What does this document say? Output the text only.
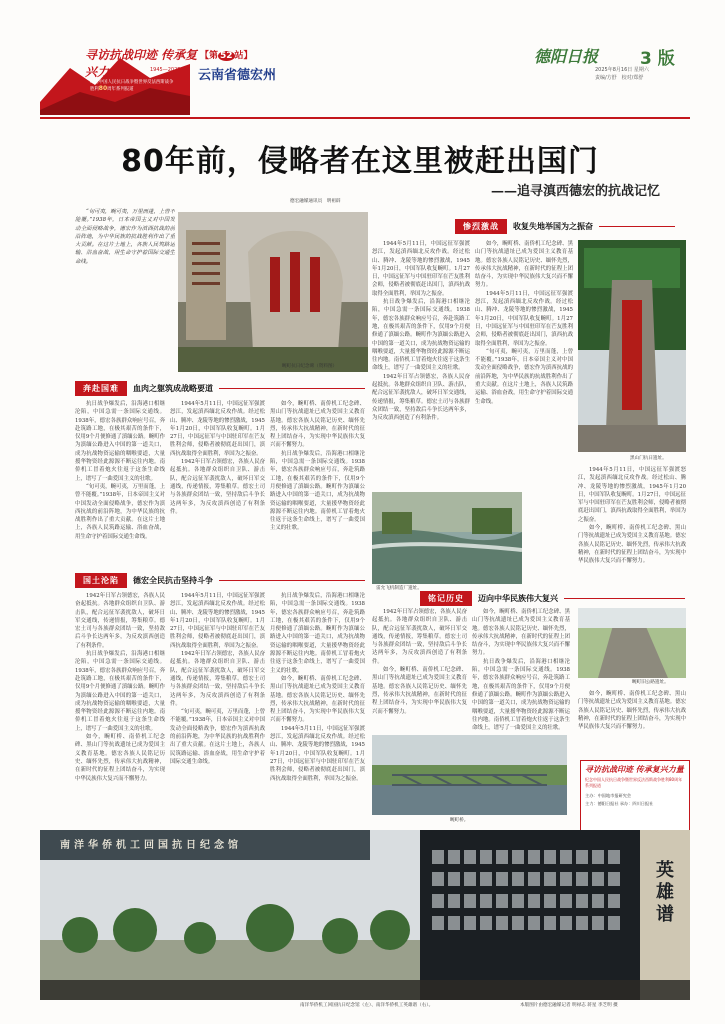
寻访抗战印迹 传承复兴力量	1945—2025
纪念中国人民抗日战争暨世界反法西斯战争
胜利80周年系列报道
【第 52 站】
云南省德宏州
德阳日报 3 版
2025年8月16日 星期六
责编/方舒　校对/郑舒
80年前，侵略者在这里被赶出国门
——追寻滇西德宏的抗战记忆
德宏融媒通讯员　明祖辟

“旬可夷，畹可夷，万里而蓬，上曾不能覆。”1938年，日本帝国主义对中国发动全面侵略战争，德宏作为滇西抗战的前沿阵地，为中华民族的抗战胜利作出了重大贡献。在这片土地上，各族人民筑路运输、浴血奋战，用生命守护着国际交通生命线。

畹町抗日纪念碑（资料图）
奔赴国难	血肉之躯筑成战略要道

抗日战争爆发后，沿海港口相继沦陷，中国急需一条国际交通线。1938年，德宏各族群众响应号召，奔赴筑路工地，在极其艰苦的条件下，仅用9个月便修通了滇缅公路。畹町作为滇缅公路进入中国的第一道关口，成为抗战物资运输的咽喉要道，大量援华物资经此源源不断运往内地。南侨机工冒着炮火往返于这条生命线上，谱写了一曲爱国主义的壮歌。

“旬可夷，畹可夷，万里而蓬，上曾不能覆。”1938年，日本帝国主义对中国发动全面侵略战争，德宏作为滇西抗战的前沿阵地，为中华民族的抗战胜利作出了重大贡献。在这片土地上，各族人民筑路运输、浴血奋战，用生命守护着国际交通生命线。

1944年5月11日，中国远征军强渡怒江，发起滇西缅北反攻作战。经过松山、腾冲、龙陵等地的惨烈激战，1945年1月20日，中国军队收复畹町。1月27日，中国远征军与中国驻印军在芒友胜利会师，侵略者被彻底赶出国门，滇西抗战取得全面胜利，举国为之振奋。

1942年日军占领德宏，各族人民奋起抵抗。各地群众组织自卫队、游击队，配合远征军袭扰敌人，破坏日军交通线，传递情报，筹集粮草。德宏土司与各族群众团结一致，坚持敌后斗争长达两年多，为反攻滇西创造了有利条件。

如今，畹町桥、南侨机工纪念碑、黑山门等抗战遗址已成为爱国主义教育基地。德宏各族人民铭记历史、缅怀先烈，传承伟大抗战精神，在新时代的征程上团结奋斗，为实现中华民族伟大复兴而不懈努力。

抗日战争爆发后，沿海港口相继沦陷，中国急需一条国际交通线。1938年，德宏各族群众响应号召，奔赴筑路工地，在极其艰苦的条件下，仅用9个月便修通了滇缅公路。畹町作为滇缅公路进入中国的第一道关口，成为抗战物资运输的咽喉要道，大量援华物资经此源源不断运往内地。南侨机工冒着炮火往返于这条生命线上，谱写了一曲爱国主义的壮歌。

国土沦陷	德宏全民抗击坚持斗争

1942年日军占领德宏，各族人民奋起抵抗。各地群众组织自卫队、游击队，配合远征军袭扰敌人，破坏日军交通线，传递情报，筹集粮草。德宏土司与各族群众团结一致，坚持敌后斗争长达两年多，为反攻滇西创造了有利条件。

抗日战争爆发后，沿海港口相继沦陷，中国急需一条国际交通线。1938年，德宏各族群众响应号召，奔赴筑路工地，在极其艰苦的条件下，仅用9个月便修通了滇缅公路。畹町作为滇缅公路进入中国的第一道关口，成为抗战物资运输的咽喉要道，大量援华物资经此源源不断运往内地。南侨机工冒着炮火往返于这条生命线上，谱写了一曲爱国主义的壮歌。

如今，畹町桥、南侨机工纪念碑、黑山门等抗战遗址已成为爱国主义教育基地。德宏各族人民铭记历史、缅怀先烈，传承伟大抗战精神，在新时代的征程上团结奋斗，为实现中华民族伟大复兴而不懈努力。

1944年5月11日，中国远征军强渡怒江，发起滇西缅北反攻作战。经过松山、腾冲、龙陵等地的惨烈激战，1945年1月20日，中国军队收复畹町。1月27日，中国远征军与中国驻印军在芒友胜利会师，侵略者被彻底赶出国门，滇西抗战取得全面胜利，举国为之振奋。

1942年日军占领德宏，各族人民奋起抵抗。各地群众组织自卫队、游击队，配合远征军袭扰敌人，破坏日军交通线，传递情报，筹集粮草。德宏土司与各族群众团结一致，坚持敌后斗争长达两年多，为反攻滇西创造了有利条件。

“旬可夷，畹可夷，万里而蓬，上曾不能覆。”1938年，日本帝国主义对中国发动全面侵略战争，德宏作为滇西抗战的前沿阵地，为中华民族的抗战胜利作出了重大贡献。在这片土地上，各族人民筑路运输、浴血奋战，用生命守护着国际交通生命线。

抗日战争爆发后，沿海港口相继沦陷，中国急需一条国际交通线。1938年，德宏各族群众响应号召，奔赴筑路工地，在极其艰苦的条件下，仅用9个月便修通了滇缅公路。畹町作为滇缅公路进入中国的第一道关口，成为抗战物资运输的咽喉要道，大量援华物资经此源源不断运往内地。南侨机工冒着炮火往返于这条生命线上，谱写了一曲爱国主义的壮歌。

如今，畹町桥、南侨机工纪念碑、黑山门等抗战遗址已成为爱国主义教育基地。德宏各族人民铭记历史、缅怀先烈，传承伟大抗战精神，在新时代的征程上团结奋斗，为实现中华民族伟大复兴而不懈努力。

1944年5月11日，中国远征军强渡怒江，发起滇西缅北反攻作战。经过松山、腾冲、龙陵等地的惨烈激战，1945年1月20日，中国军队收复畹町。1月27日，中国远征军与中国驻印军在芒友胜利会师，侵略者被彻底赶出国门，滇西抗战取得全面胜利，举国为之振奋。

1944年5月11日，中国远征军强渡怒江，发起滇西缅北反攻作战。经过松山、腾冲、龙陵等地的惨烈激战，1945年1月20日，中国军队收复畹町。1月27日，中国远征军与中国驻印军在芒友胜利会师，侵略者被彻底赶出国门，滇西抗战取得全面胜利，举国为之振奋。

抗日战争爆发后，沿海港口相继沦陷，中国急需一条国际交通线。1938年，德宏各族群众响应号召，奔赴筑路工地，在极其艰苦的条件下，仅用9个月便修通了滇缅公路。畹町作为滇缅公路进入中国的第一道关口，成为抗战物资运输的咽喉要道，大量援华物资经此源源不断运往内地。南侨机工冒着炮火往返于这条生命线上，谱写了一曲爱国主义的壮歌。

1942年日军占领德宏，各族人民奋起抵抗。各地群众组织自卫队、游击队，配合远征军袭扰敌人，破坏日军交通线，传递情报，筹集粮草。德宏土司与各族群众团结一致，坚持敌后斗争长达两年多，为反攻滇西创造了有利条件。

如今，畹町桥、南侨机工纪念碑、黑山门等抗战遗址已成为爱国主义教育基地。德宏各族人民铭记历史、缅怀先烈，传承伟大抗战精神，在新时代的征程上团结奋斗，为实现中华民族伟大复兴而不懈努力。

1944年5月11日，中国远征军强渡怒江，发起滇西缅北反攻作战。经过松山、腾冲、龙陵等地的惨烈激战，1945年1月20日，中国军队收复畹町。1月27日，中国远征军与中国驻印军在芒友胜利会师，侵略者被彻底赶出国门，滇西抗战取得全面胜利，举国为之振奋。

“旬可夷，畹可夷，万里而蓬，上曾不能覆。”1938年，日本帝国主义对中国发动全面侵略战争，德宏作为滇西抗战的前沿阵地，为中华民族的抗战胜利作出了重大贡献。在这片土地上，各族人民筑路运输、浴血奋战，用生命守护着国际交通生命线。

惨烈激战	收复失地举国为之振奋
黑山门抗日遗址。

1944年5月11日，中国远征军强渡怒江，发起滇西缅北反攻作战。经过松山、腾冲、龙陵等地的惨烈激战，1945年1月20日，中国军队收复畹町。1月27日，中国远征军与中国驻印军在芒友胜利会师，侵略者被彻底赶出国门，滇西抗战取得全面胜利，举国为之振奋。

如今，畹町桥、南侨机工纪念碑、黑山门等抗战遗址已成为爱国主义教育基地。德宏各族人民铭记历史、缅怀先烈，传承伟大抗战精神，在新时代的征程上团结奋斗，为实现中华民族伟大复兴而不懈努力。

雷允飞机制造厂遗址。
铭记历史	迈向中华民族伟大复兴

1942年日军占领德宏，各族人民奋起抵抗。各地群众组织自卫队、游击队，配合远征军袭扰敌人，破坏日军交通线，传递情报，筹集粮草。德宏土司与各族群众团结一致，坚持敌后斗争长达两年多，为反攻滇西创造了有利条件。

如今，畹町桥、南侨机工纪念碑、黑山门等抗战遗址已成为爱国主义教育基地。德宏各族人民铭记历史、缅怀先烈，传承伟大抗战精神，在新时代的征程上团结奋斗，为实现中华民族伟大复兴而不懈努力。

如今，畹町桥、南侨机工纪念碑、黑山门等抗战遗址已成为爱国主义教育基地。德宏各族人民铭记历史、缅怀先烈，传承伟大抗战精神，在新时代的征程上团结奋斗，为实现中华民族伟大复兴而不懈努力。

抗日战争爆发后，沿海港口相继沦陷，中国急需一条国际交通线。1938年，德宏各族群众响应号召，奔赴筑路工地，在极其艰苦的条件下，仅用9个月便修通了滇缅公路。畹町作为滇缅公路进入中国的第一道关口，成为抗战物资运输的咽喉要道，大量援华物资经此源源不断运往内地。南侨机工冒着炮火往返于这条生命线上，谱写了一曲爱国主义的壮歌。

畹町旧公路遗址。

如今，畹町桥、南侨机工纪念碑、黑山门等抗战遗址已成为爱国主义教育基地。德宏各族人民铭记历史、缅怀先烈，传承伟大抗战精神，在新时代的征程上团结奋斗，为实现中华民族伟大复兴而不懈努力。

畹町桥。
寻访抗战印迹 传承复兴力量
纪念中国人民抗日战争暨世界反法西斯战争胜利80周年系列报道
主办：中国地市报研究会
主力：德阳日报社 承办：四川日报社
南洋华侨机工回国抗日纪念馆
英雄谱
南洋华侨机工回国抗日纪念馆（左）、南洋华侨机工英雄谱（右）。	本版图片由德宏融媒记者 明禄志 蒋星 李芝明 摄
